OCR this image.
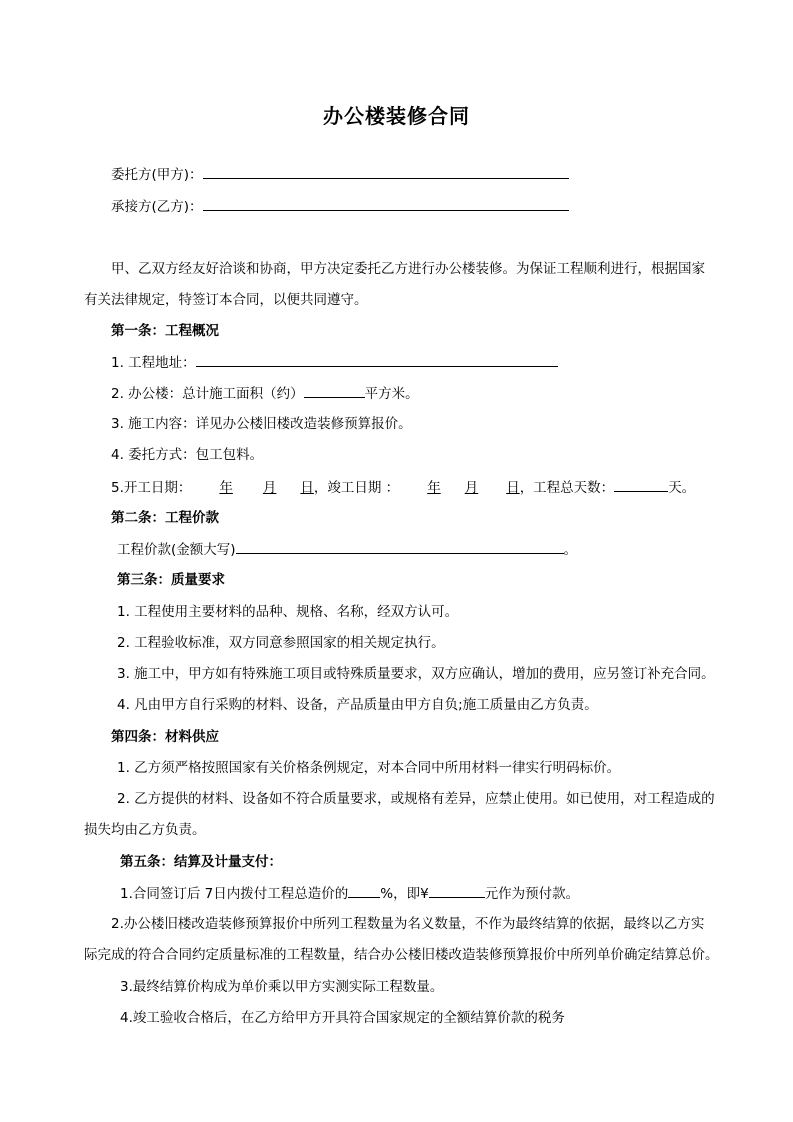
办公楼装修合同
委托方(甲方)：
承接方(乙方)：
甲、乙双方经友好洽谈和协商，甲方决定委托乙方进行办公楼装修。为保证工程顺利进行，根据国家
有关法律规定，特签订本合同，以便共同遵守。
第一条：工程概况
1. 工程地址：
2. 办公楼：总计施工面积（约）	平方米。
3. 施工内容：详见办公楼旧楼改造装修预算报价。
4. 委托方式：包工包料。
5.开工日期： 年 月 日，竣工日期 ： 年 月 日，工程总天数：	天。
第二条：工程价款
工程价款(金额大写)	。
第三条：质量要求
1. 工程使用主要材料的品种、规格、名称，经双方认可。
2. 工程验收标准，双方同意参照国家的相关规定执行。
3. 施工中，甲方如有特殊施工项目或特殊质量要求，双方应确认，增加的费用，应另签订补充合同。
4. 凡由甲方自行采购的材料、设备，产品质量由甲方自负;施工质量由乙方负责。
第四条：材料供应
1. 乙方须严格按照国家有关价格条例规定，对本合同中所用材料一律实行明码标价。
2. 乙方提供的材料、设备如不符合质量要求，或规格有差异，应禁止使用。如已使用，对工程造成的
损失均由乙方负责。
第五条：结算及计量支付：
1.合同签订后 7日内拨付工程总造价的 %，即¥	元作为预付款。
2.办公楼旧楼改造装修预算报价中所列工程数量为名义数量，不作为最终结算的依据，最终以乙方实
际完成的符合合同约定质量标准的工程数量，结合办公楼旧楼改造装修预算报价中所列单价确定结算总价。
3.最终结算价构成为单价乘以甲方实测实际工程数量。
4.竣工验收合格后，在乙方给甲方开具符合国家规定的全额结算价款的税务
